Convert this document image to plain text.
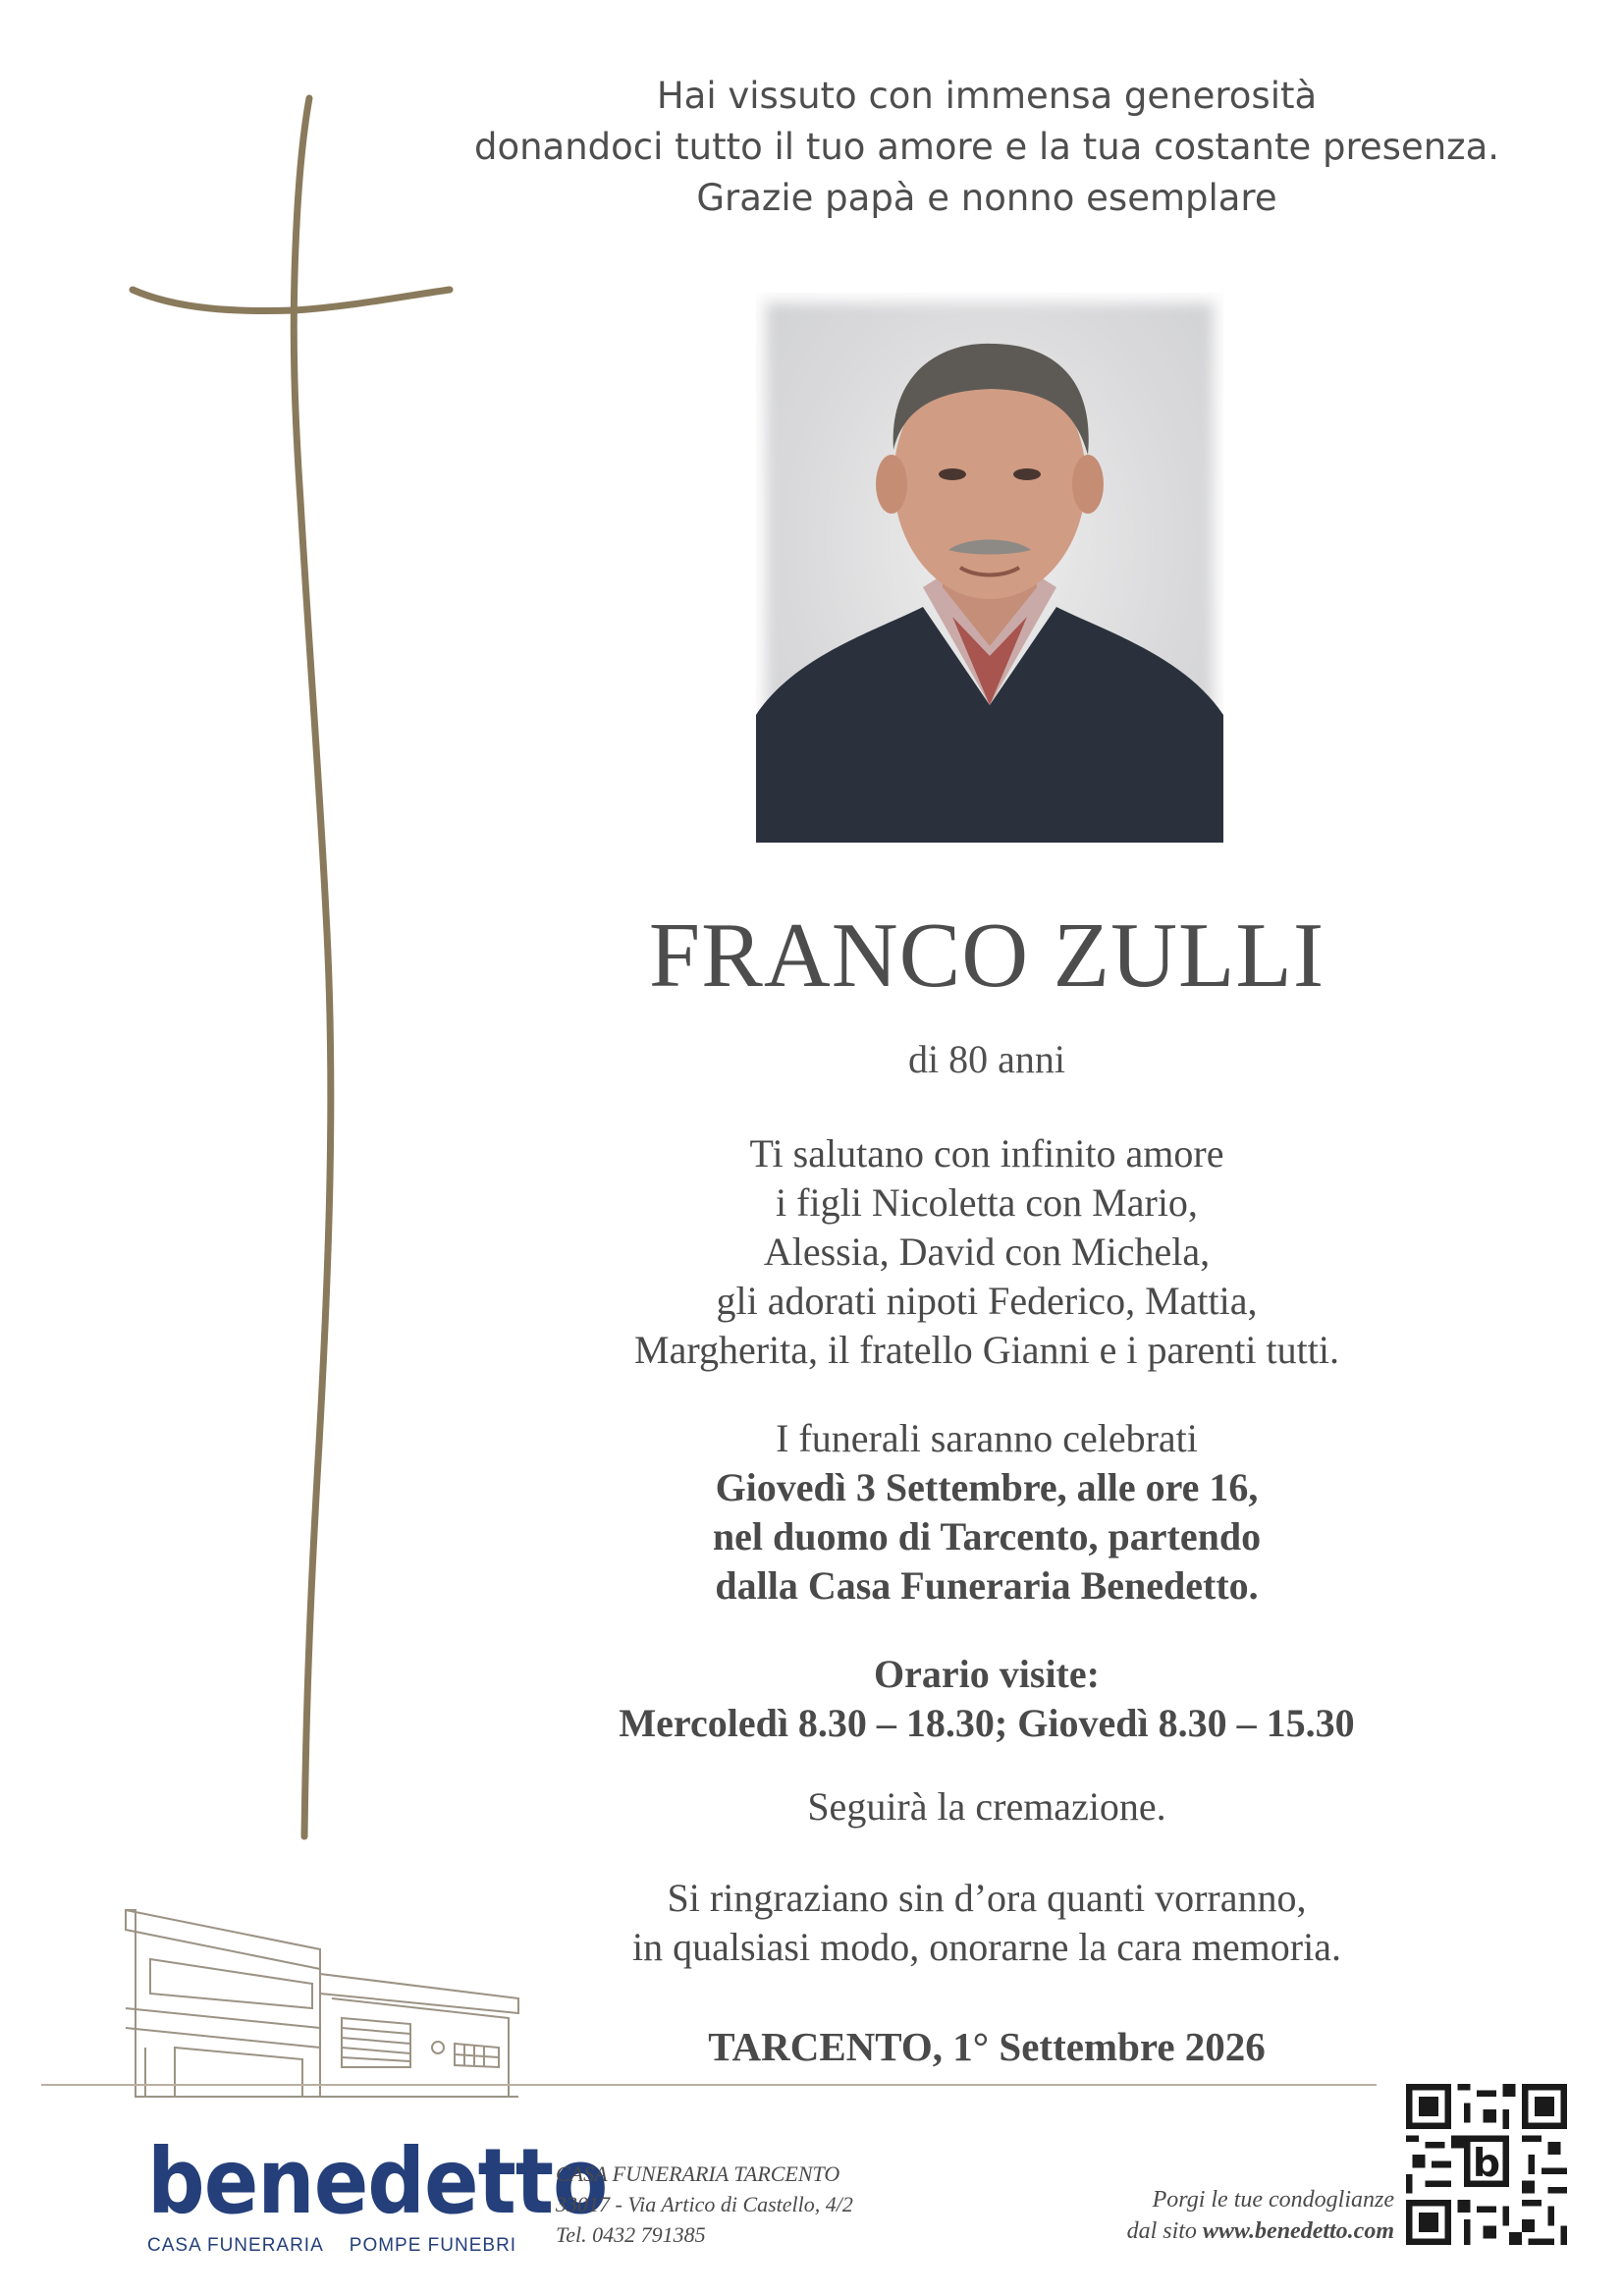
Hai vissuto con immensa generosità
donandoci tutto il tuo amore e la tua costante presenza.
Grazie papà e nonno esemplare
FRANCO ZULLI
di 80 anni
Ti salutano con infinito amore
i figli Nicoletta con Mario,
Alessia, David con Michela,
gli adorati nipoti Federico, Mattia,
Margherita, il fratello Gianni e i parenti tutti.
I funerali saranno celebrati
Giovedì 3 Settembre, alle ore 16,
nel duomo di Tarcento, partendo
dalla Casa Funeraria Benedetto.
Orario visite:
Mercoledì 8.30 – 18.30; Giovedì 8.30 – 15.30
Seguirà la cremazione.
Si ringraziano sin d’ora quanti vorranno,
in qualsiasi modo, onorarne la cara memoria.
TARCENTO, 1° Settembre 2026
benedetto
CASA FUNERARIA POMPE FUNEBRI
CASA FUNERARIA TARCENTO
33017 - Via Artico di Castello, 4/2
Tel. 0432 791385
Porgi le tue condoglianze
dal sito www.benedetto.com
b
